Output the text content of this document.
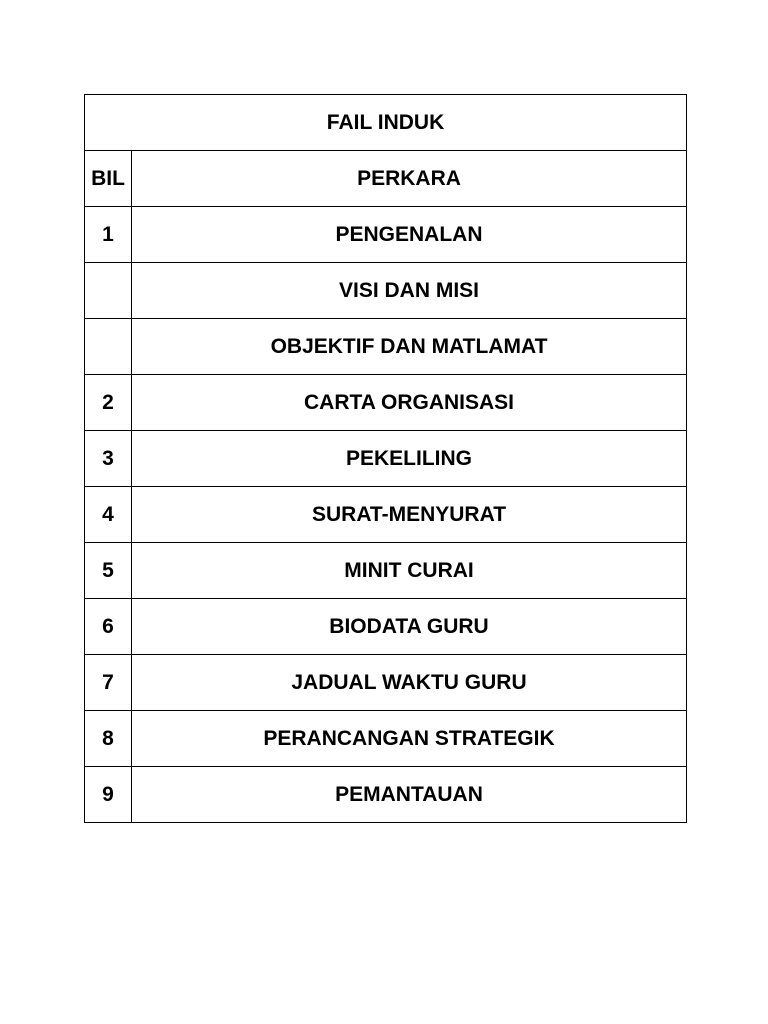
FAIL INDUK	
BIL	PERKARA
1	PENGENALAN
	VISI DAN MISI
	OBJEKTIF DAN MATLAMAT
2	CARTA ORGANISASI
3	PEKELILING
4	SURAT-MENYURAT
5	MINIT CURAI
6	BIODATA GURU
7	JADUAL WAKTU GURU
8	PERANCANGAN STRATEGIK
9	PEMANTAUAN
